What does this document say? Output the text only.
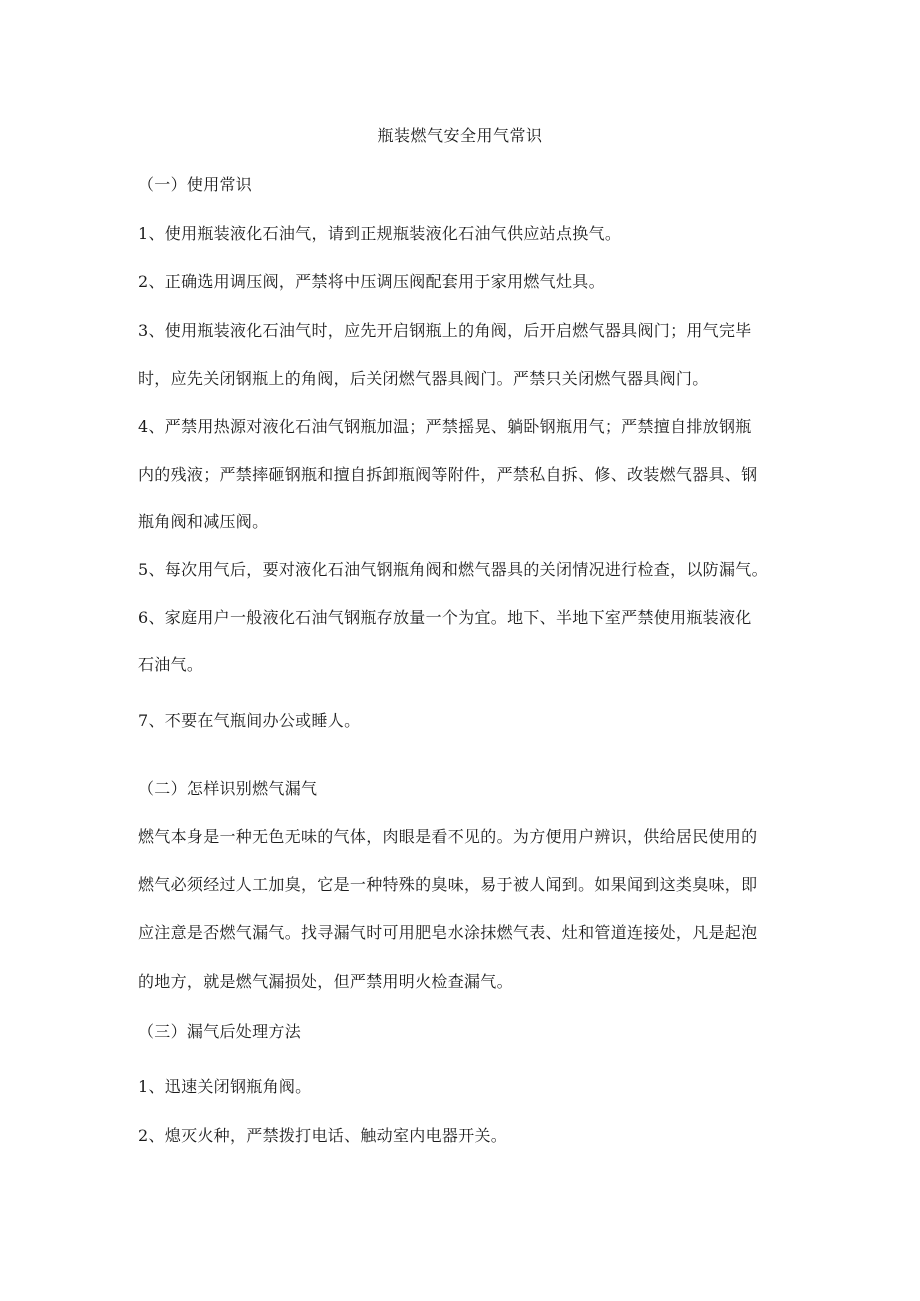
瓶装燃气安全用气常识
（一）使用常识
1、使用瓶装液化石油气，请到正规瓶装液化石油气供应站点换气。
2、正确选用调压阀，严禁将中压调压阀配套用于家用燃气灶具。
3、使用瓶装液化石油气时，应先开启钢瓶上的角阀，后开启燃气器具阀门；用气完毕
时，应先关闭钢瓶上的角阀，后关闭燃气器具阀门。严禁只关闭燃气器具阀门。
4、严禁用热源对液化石油气钢瓶加温；严禁摇晃、躺卧钢瓶用气；严禁擅自排放钢瓶
内的残液；严禁摔砸钢瓶和擅自拆卸瓶阀等附件，严禁私自拆、修、改装燃气器具、钢
瓶角阀和减压阀。
5、每次用气后，要对液化石油气钢瓶角阀和燃气器具的关闭情况进行检查，以防漏气。
6、家庭用户一般液化石油气钢瓶存放量一个为宜。地下、半地下室严禁使用瓶装液化
石油气。
7、不要在气瓶间办公或睡人。
（二）怎样识别燃气漏气
燃气本身是一种无色无味的气体，肉眼是看不见的。为方便用户辨识，供给居民使用的
燃气必须经过人工加臭，它是一种特殊的臭味，易于被人闻到。如果闻到这类臭味，即
应注意是否燃气漏气。找寻漏气时可用肥皂水涂抹燃气表、灶和管道连接处，凡是起泡
的地方，就是燃气漏损处，但严禁用明火检查漏气。
（三）漏气后处理方法
1、迅速关闭钢瓶角阀。
2、熄灭火种，严禁拨打电话、触动室内电器开关。
